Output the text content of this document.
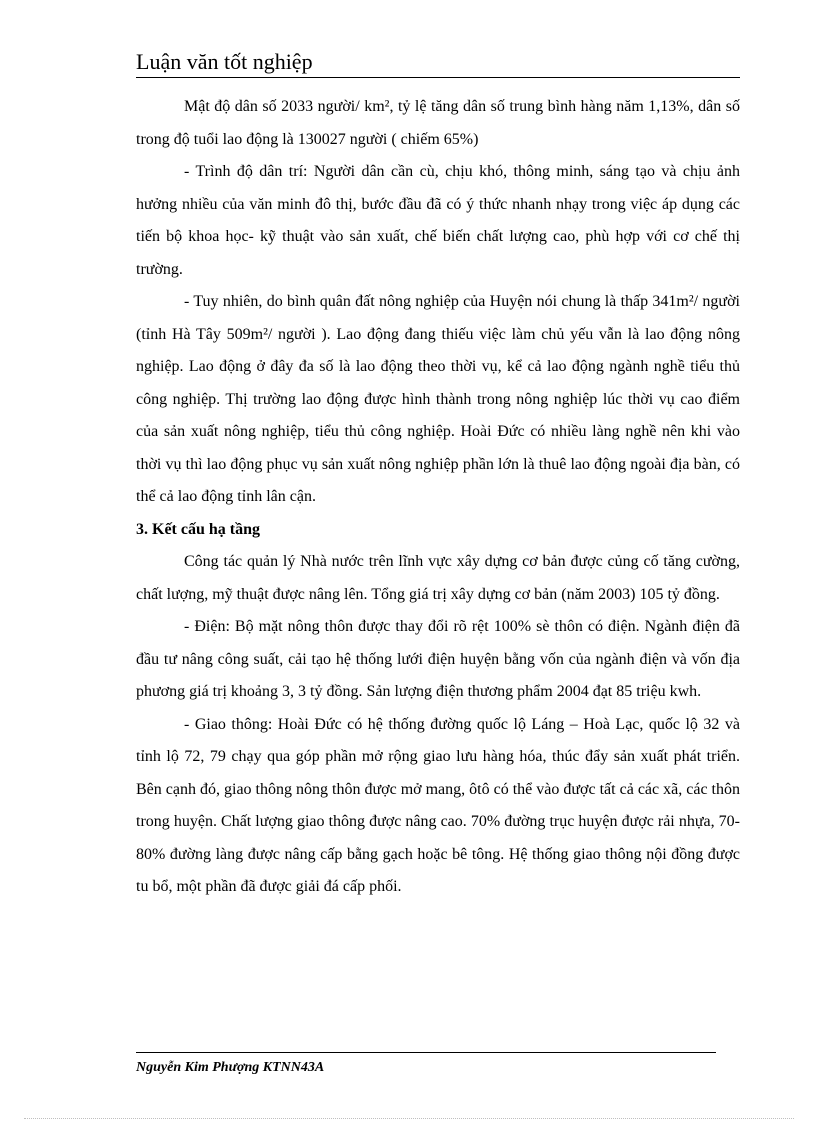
Luận văn tốt nghiệp

Mật độ dân số 2033 người/ km², tỷ lệ tăng dân số trung bình hàng năm 1,13%, dân số trong độ tuổi lao động là 130027 người ( chiếm 65%)

- Trình độ dân trí: Người dân cần cù, chịu khó, thông minh, sáng tạo và chịu ảnh hưởng nhiều của văn minh đô thị, bước đầu đã có ý thức nhanh nhạy trong việc áp dụng các tiến bộ khoa học- kỹ thuật vào sản xuất, chế biến chất lượng cao, phù hợp với cơ chế thị trường.

- Tuy nhiên, do bình quân đất nông nghiệp của Huyện nói chung là thấp 341m²/ người (tỉnh Hà Tây 509m²/ người ). Lao động đang thiếu việc làm chủ yếu vẫn là lao động nông nghiệp. Lao động ở đây đa số là lao động theo thời vụ, kể cả lao động ngành nghề tiểu thủ công nghiệp. Thị trường lao động được hình thành trong nông nghiệp lúc thời vụ cao điểm của sản xuất nông nghiệp, tiểu thủ công nghiệp. Hoài Đức có nhiều làng nghề nên khi vào thời vụ thì lao động phục vụ sản xuất nông nghiệp phần lớn là thuê lao động ngoài địa bàn, có thể cả lao động tỉnh lân cận.

3. Kết cấu hạ tầng

Công tác quản lý Nhà nước trên lĩnh vực xây dựng cơ bản được củng cố tăng cường, chất lượng, mỹ thuật được nâng lên. Tổng giá trị xây dựng cơ bản (năm 2003) 105 tỷ đồng.

- Điện: Bộ mặt nông thôn được thay đổi rõ rệt 100% sè thôn có điện. Ngành điện đã đầu tư nâng công suất, cải tạo hệ thống lưới điện huyện bằng vốn của ngành điện và vốn địa phương giá trị khoảng 3, 3 tỷ đồng. Sản lượng điện thương phẩm 2004 đạt 85 triệu kwh.

- Giao thông: Hoài Đức có hệ thống đường quốc lộ Láng – Hoà Lạc, quốc lộ 32 và tỉnh lộ 72, 79 chạy qua góp phần mở rộng giao lưu hàng hóa, thúc đẩy sản xuất phát triển. Bên cạnh đó, giao thông nông thôn được mở mang, ôtô có thể vào được tất cả các xã, các thôn trong huyện. Chất lượng giao thông được nâng cao. 70% đường trục huyện được rải nhựa, 70-80% đường làng được nâng cấp bằng gạch hoặc bê tông. Hệ thống giao thông nội đồng được tu bổ, một phần đã được giải đá cấp phối.

Nguyễn Kim Phượng KTNN43A
